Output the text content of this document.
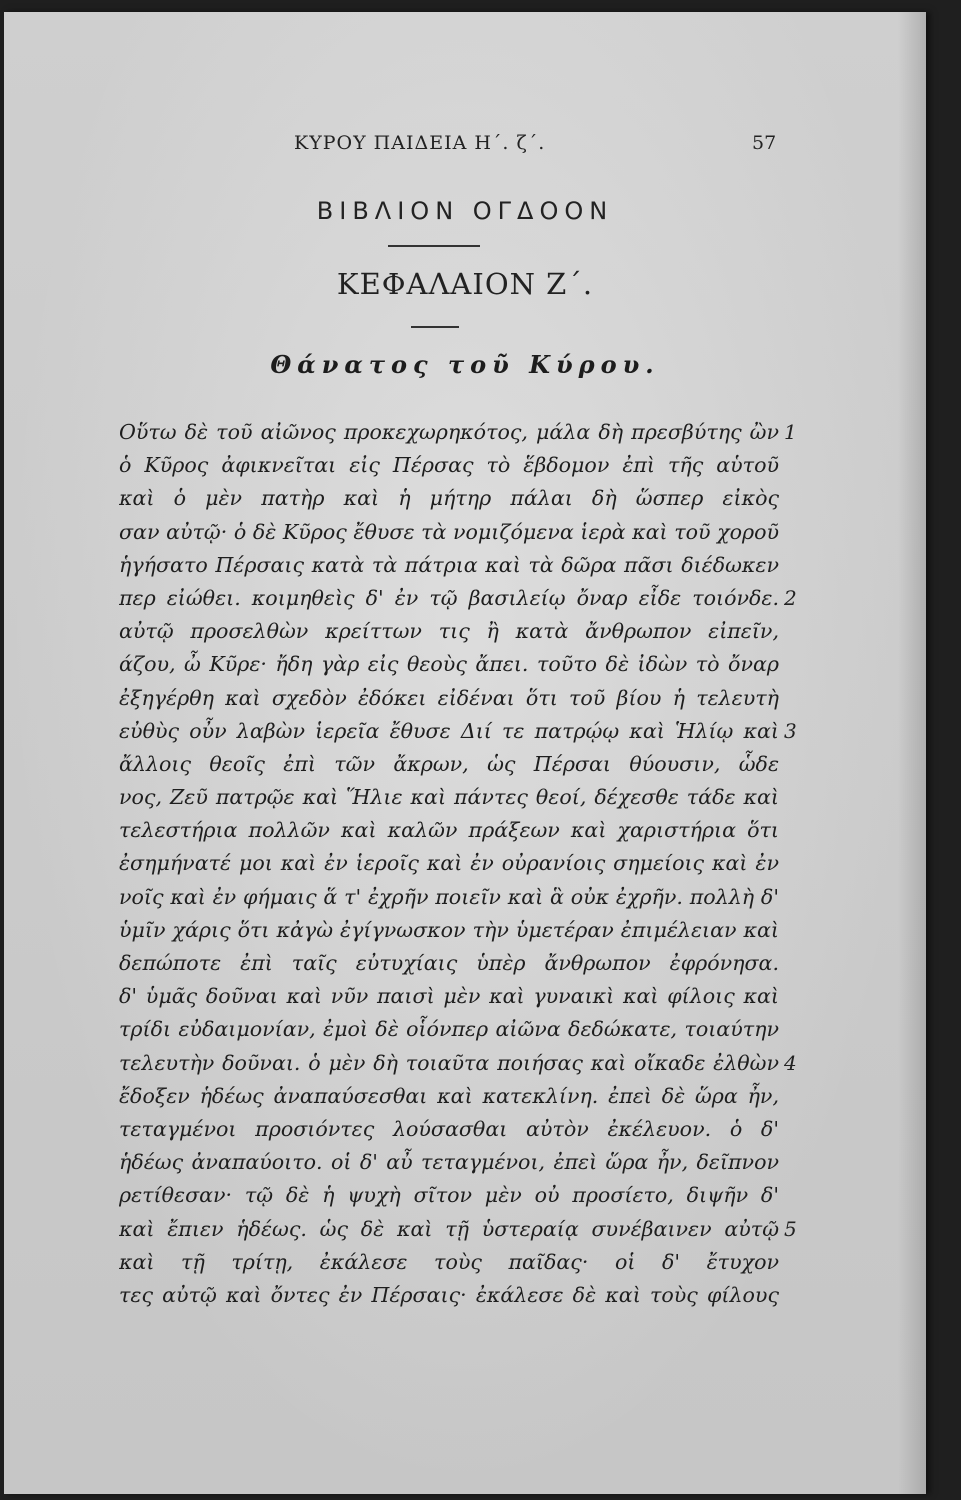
ΚΥΡΟΥ ΠΑΙΔΕΙΑ Η΄. ζ΄.	57
ΒΙΒΛΙΟΝ ΟΓΔΟΟΝ
ΚΕΦΑΛΑΙΟΝ Ζ΄.
Θάνατος τοῦ Κύρου.
Οὕτω δὲ τοῦ αἰῶνος προκεχωρηκότος, μάλα δὴ πρεσβύτης ὢν 1
ὁ Κῦρος ἀφικνεῖται εἰς Πέρσας τὸ ἕβδομον ἐπὶ τῆς αὑτοῦ
καὶ ὁ μὲν πατὴρ καὶ ἡ μήτηρ πάλαι δὴ ὥσπερ εἰκὸς
σαν αὐτῷ· ὁ δὲ Κῦρος ἔθυσε τὰ νομιζόμενα ἱερὰ καὶ τοῦ χοροῦ
ἡγήσατο Πέρσαις κατὰ τὰ πάτρια καὶ τὰ δῶρα πᾶσι διέδωκεν
περ εἰώθει. κοιμηθεὶς δ' ἐν τῷ βασιλείῳ ὄναρ εἶδε τοιόνδε. 2
αὐτῷ προσελθὼν κρείττων τις ἢ κατὰ ἄνθρωπον εἰπεῖν,
άζου, ὦ Κῦρε· ἤδη γὰρ εἰς θεοὺς ἄπει. τοῦτο δὲ ἰδὼν τὸ ὄναρ
ἐξηγέρθη καὶ σχεδὸν ἐδόκει εἰδέναι ὅτι τοῦ βίου ἡ τελευτὴ
εὐθὺς οὖν λαβὼν ἱερεῖα ἔθυσε Διί τε πατρῴῳ καὶ Ἡλίῳ καὶ 3
ἄλλοις θεοῖς ἐπὶ τῶν ἄκρων, ὡς Πέρσαι θύουσιν, ὧδε
νος, Ζεῦ πατρῷε καὶ Ἥλιε καὶ πάντες θεοί, δέχεσθε τάδε καὶ
τελεστήρια πολλῶν καὶ καλῶν πράξεων καὶ χαριστήρια ὅτι
ἐσημήνατέ μοι καὶ ἐν ἱεροῖς καὶ ἐν οὐρανίοις σημείοις καὶ ἐν
νοῖς καὶ ἐν φήμαις ἅ τ' ἐχρῆν ποιεῖν καὶ ἃ οὐκ ἐχρῆν. πολλὴ δ'
ὑμῖν χάρις ὅτι κἀγὼ ἐγίγνωσκον τὴν ὑμετέραν ἐπιμέλειαν καὶ
δεπώποτε ἐπὶ ταῖς εὐτυχίαις ὑπὲρ ἄνθρωπον ἐφρόνησα.
δ' ὑμᾶς δοῦναι καὶ νῦν παισὶ μὲν καὶ γυναικὶ καὶ φίλοις καὶ
τρίδι εὐδαιμονίαν, ἐμοὶ δὲ οἷόνπερ αἰῶνα δεδώκατε, τοιαύτην
τελευτὴν δοῦναι. ὁ μὲν δὴ τοιαῦτα ποιήσας καὶ οἴκαδε ἐλθὼν 4
ἔδοξεν ἡδέως ἀναπαύσεσθαι καὶ κατεκλίνη. ἐπεὶ δὲ ὥρα ἦν,
τεταγμένοι προσιόντες λούσασθαι αὐτὸν ἐκέλευον. ὁ δ'
ἡδέως ἀναπαύοιτο. οἱ δ' αὖ τεταγμένοι, ἐπεὶ ὥρα ἦν, δεῖπνον
ρετίθεσαν· τῷ δὲ ἡ ψυχὴ σῖτον μὲν οὐ προσίετο, διψῆν δ'
καὶ ἔπιεν ἡδέως. ὡς δὲ καὶ τῇ ὑστεραίᾳ συνέβαινεν αὐτῷ 5
καὶ τῇ τρίτῃ, ἐκάλεσε τοὺς παῖδας· οἱ δ' ἔτυχον
τες αὐτῷ καὶ ὄντες ἐν Πέρσαις· ἐκάλεσε δὲ καὶ τοὺς φίλους
